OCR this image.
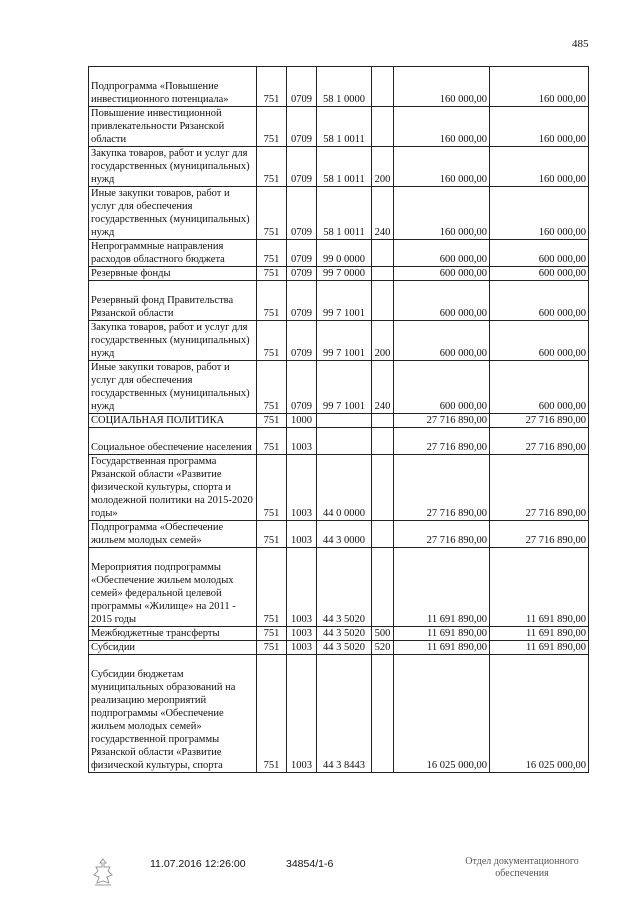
485
Подпрограмма «Повышение инвестиционного потенциала»	751	0709	58 1 0000		160 000,00	160 000,00
Повышение инвестиционной привлекательности Рязанской области	751	0709	58 1 0011		160 000,00	160 000,00
Закупка товаров, работ и услуг для государственных (муниципальных) нужд	751	0709	58 1 0011	200	160 000,00	160 000,00
Иные закупки товаров, работ и услуг для обеспечения государственных (муниципальных) нужд	751	0709	58 1 0011	240	160 000,00	160 000,00
Непрограммные направления расходов областного бюджета	751	0709	99 0 0000		600 000,00	600 000,00
Резервные фонды	751	0709	99 7 0000		600 000,00	600 000,00
Резервный фонд Правительства Рязанской области	751	0709	99 7 1001		600 000,00	600 000,00
Закупка товаров, работ и услуг для государственных (муниципальных) нужд	751	0709	99 7 1001	200	600 000,00	600 000,00
Иные закупки товаров, работ и услуг для обеспечения государственных (муниципальных) нужд	751	0709	99 7 1001	240	600 000,00	600 000,00
СОЦИАЛЬНАЯ ПОЛИТИКА	751	1000			27 716 890,00	27 716 890,00
Социальное обеспечение населения	751	1003			27 716 890,00	27 716 890,00
Государственная программа Рязанской области «Развитие физической культуры, спорта и молодежной политики на 2015-2020 годы»	751	1003	44 0 0000		27 716 890,00	27 716 890,00
Подпрограмма «Обеспечение жильем молодых семей»	751	1003	44 3 0000		27 716 890,00	27 716 890,00
Мероприятия подпрограммы «Обеспечение жильем молодых семей» федеральной целевой программы «Жилище» на 2011 - 2015 годы	751	1003	44 3 5020		11 691 890,00	11 691 890,00
Межбюджетные трансферты	751	1003	44 3 5020	500	11 691 890,00	11 691 890,00
Субсидии	751	1003	44 3 5020	520	11 691 890,00	11 691 890,00
Субсидии бюджетам муниципальных образований на реализацию мероприятий подпрограммы «Обеспечение жильем молодых семей» государственной программы Рязанской области «Развитие физической культуры, спорта	751	1003	44 3 8443		16 025 000,00	16 025 000,00
11.07.2016 12:26:00	34854/1-6	Отдел документационного
обеспечения
